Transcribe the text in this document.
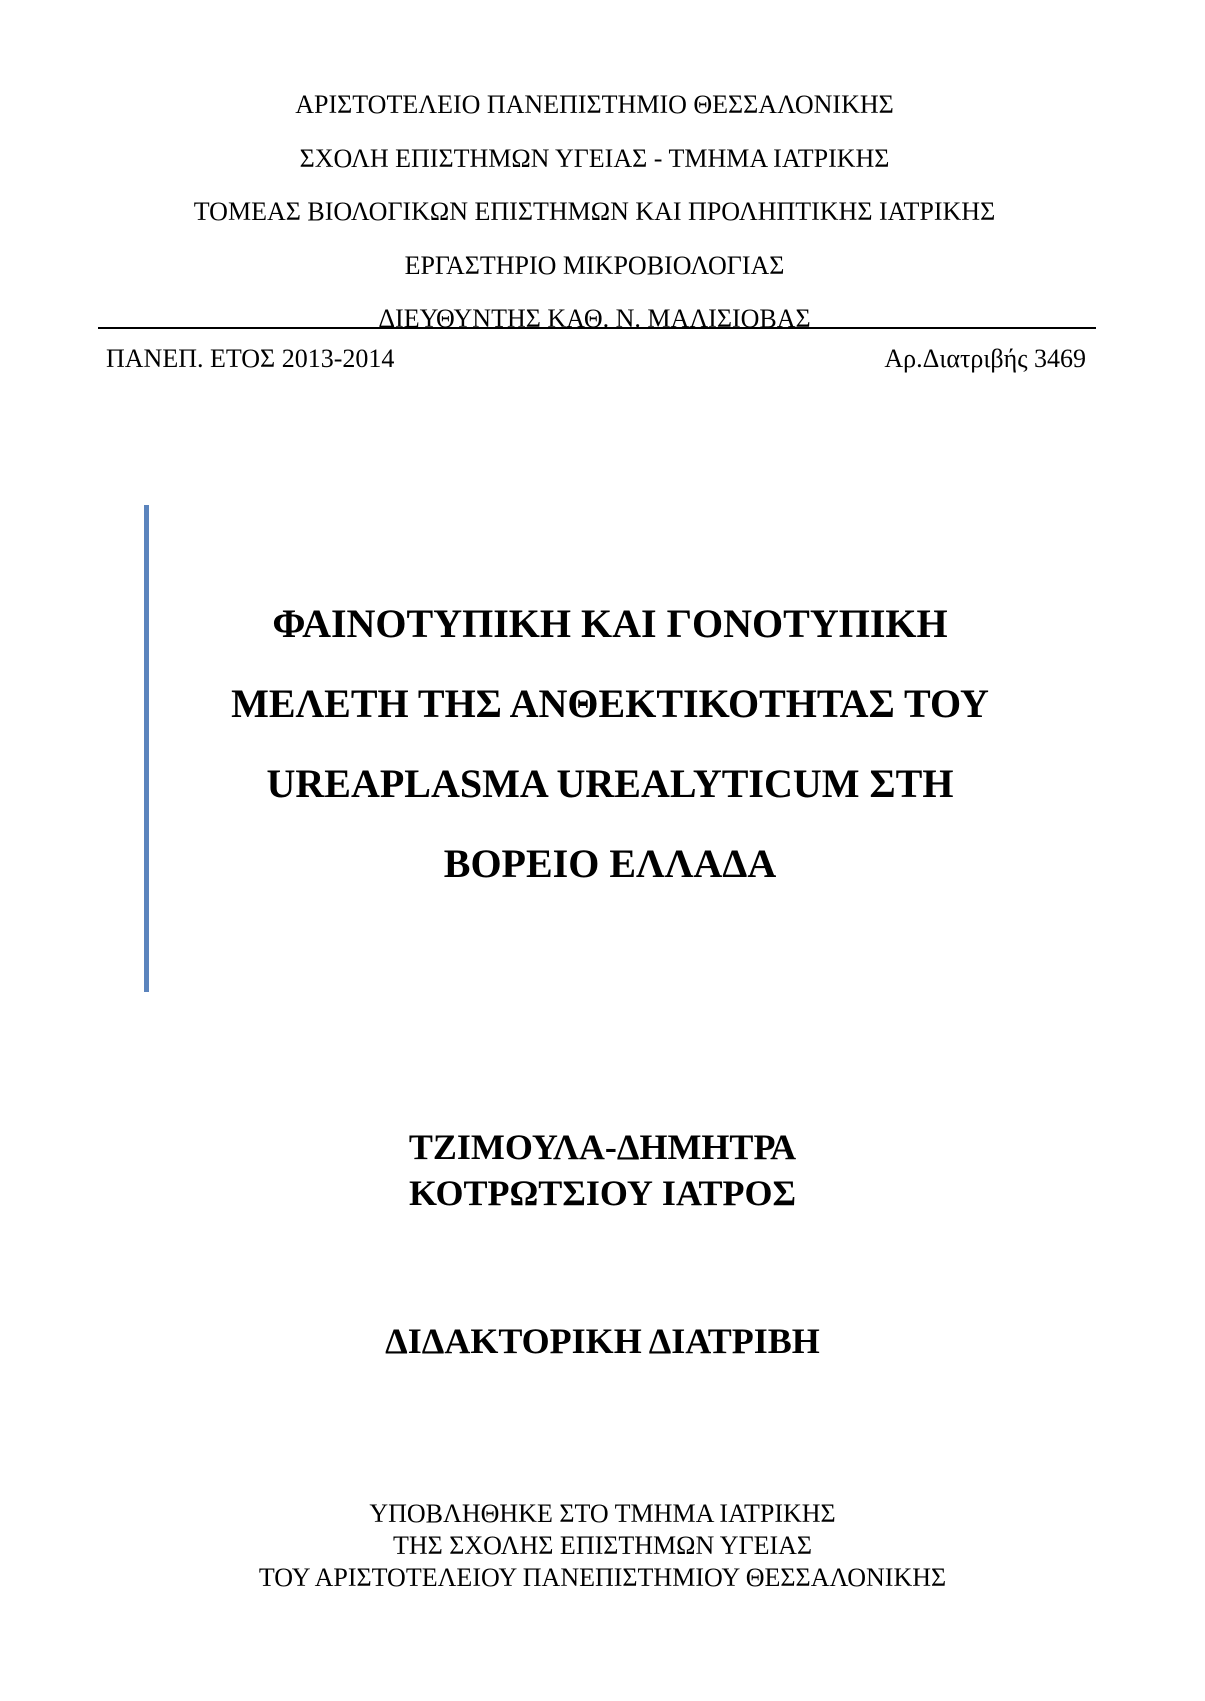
ΑΡΙΣΤΟΤΕΛΕΙΟ ΠΑΝΕΠΙΣΤΗΜΙΟ ΘΕΣΣΑΛΟΝΙΚΗΣ
ΣΧΟΛΗ ΕΠΙΣΤΗΜΩΝ ΥΓΕΙΑΣ - ΤΜΗΜΑ ΙΑΤΡΙΚΗΣ
ΤΟΜΕΑΣ ΒΙΟΛΟΓΙΚΩΝ ΕΠΙΣΤΗΜΩΝ ΚΑΙ ΠΡΟΛΗΠΤΙΚΗΣ ΙΑΤΡΙΚΗΣ
ΕΡΓΑΣΤΗΡΙΟ ΜΙΚΡΟΒΙΟΛΟΓΙΑΣ
ΔΙΕΥΘΥΝΤΗΣ ΚΑΘ. Ν. ΜΑΛΙΣΙΟΒΑΣ
ΠΑΝΕΠ. ΕΤΟΣ 2013-2014	Αρ.Διατριβής 3469
ΦΑΙΝΟΤΥΠΙΚΗ ΚΑΙ ΓΟΝΟΤΥΠΙΚΗ
ΜΕΛΕΤΗ ΤΗΣ ΑΝΘΕΚΤΙΚΟΤΗΤΑΣ ΤΟΥ
UREAPLASMA UREALYTICUM ΣΤΗ
ΒΟΡΕΙΟ ΕΛΛΑΔΑ
ΤΖΙΜΟΥΛΑ-ΔΗΜΗΤΡΑ
ΚΟΤΡΩΤΣΙΟΥ ΙΑΤΡΟΣ
ΔΙΔΑΚΤΟΡΙΚΗ ΔΙΑΤΡΙΒΗ
ΥΠΟΒΛΗΘΗΚΕ ΣΤΟ ΤΜΗΜΑ ΙΑΤΡΙΚΗΣ
ΤΗΣ ΣΧΟΛΗΣ ΕΠΙΣΤΗΜΩΝ ΥΓΕΙΑΣ
ΤΟΥ ΑΡΙΣΤΟΤΕΛΕΙΟΥ ΠΑΝΕΠΙΣΤΗΜΙΟΥ ΘΕΣΣΑΛΟΝΙΚΗΣ
